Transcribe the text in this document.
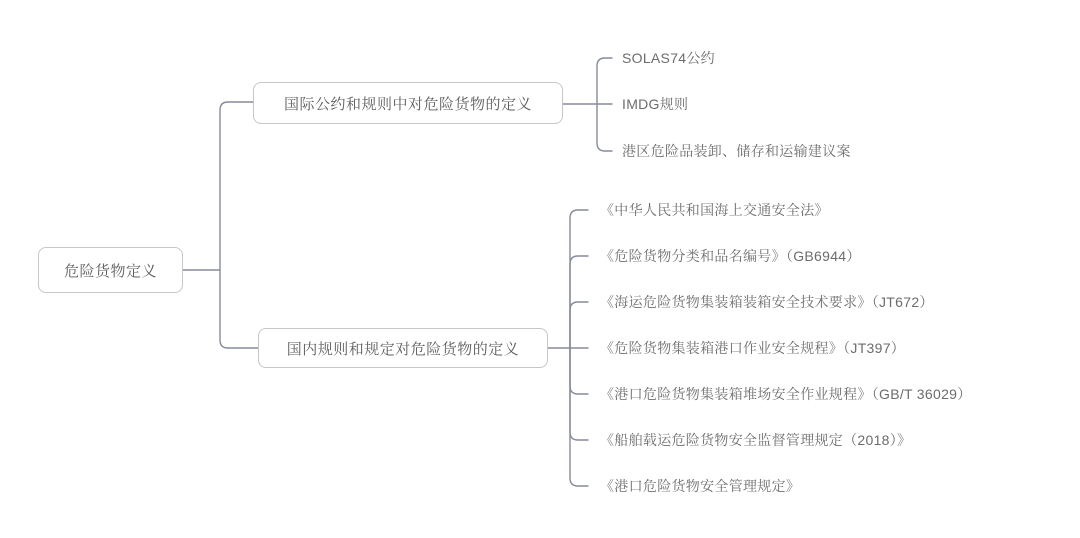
危险货物定义
国际公约和规则中对危险货物的定义
SOLAS74公约
IMDG规则
港区危险品装卸、储存和运输建议案
国内规则和规定对危险货物的定义
《中华人民共和国海上交通安全法》
《危险货物分类和品名编号》（GB6944）
《海运危险货物集装箱装箱安全技术要求》（JT672）
《危险货物集装箱港口作业安全规程》（JT397）
《港口危险货物集装箱堆场安全作业规程》（GB/T 36029）
《船舶载运危险货物安全监督管理规定（2018）》
《港口危险货物安全管理规定》
